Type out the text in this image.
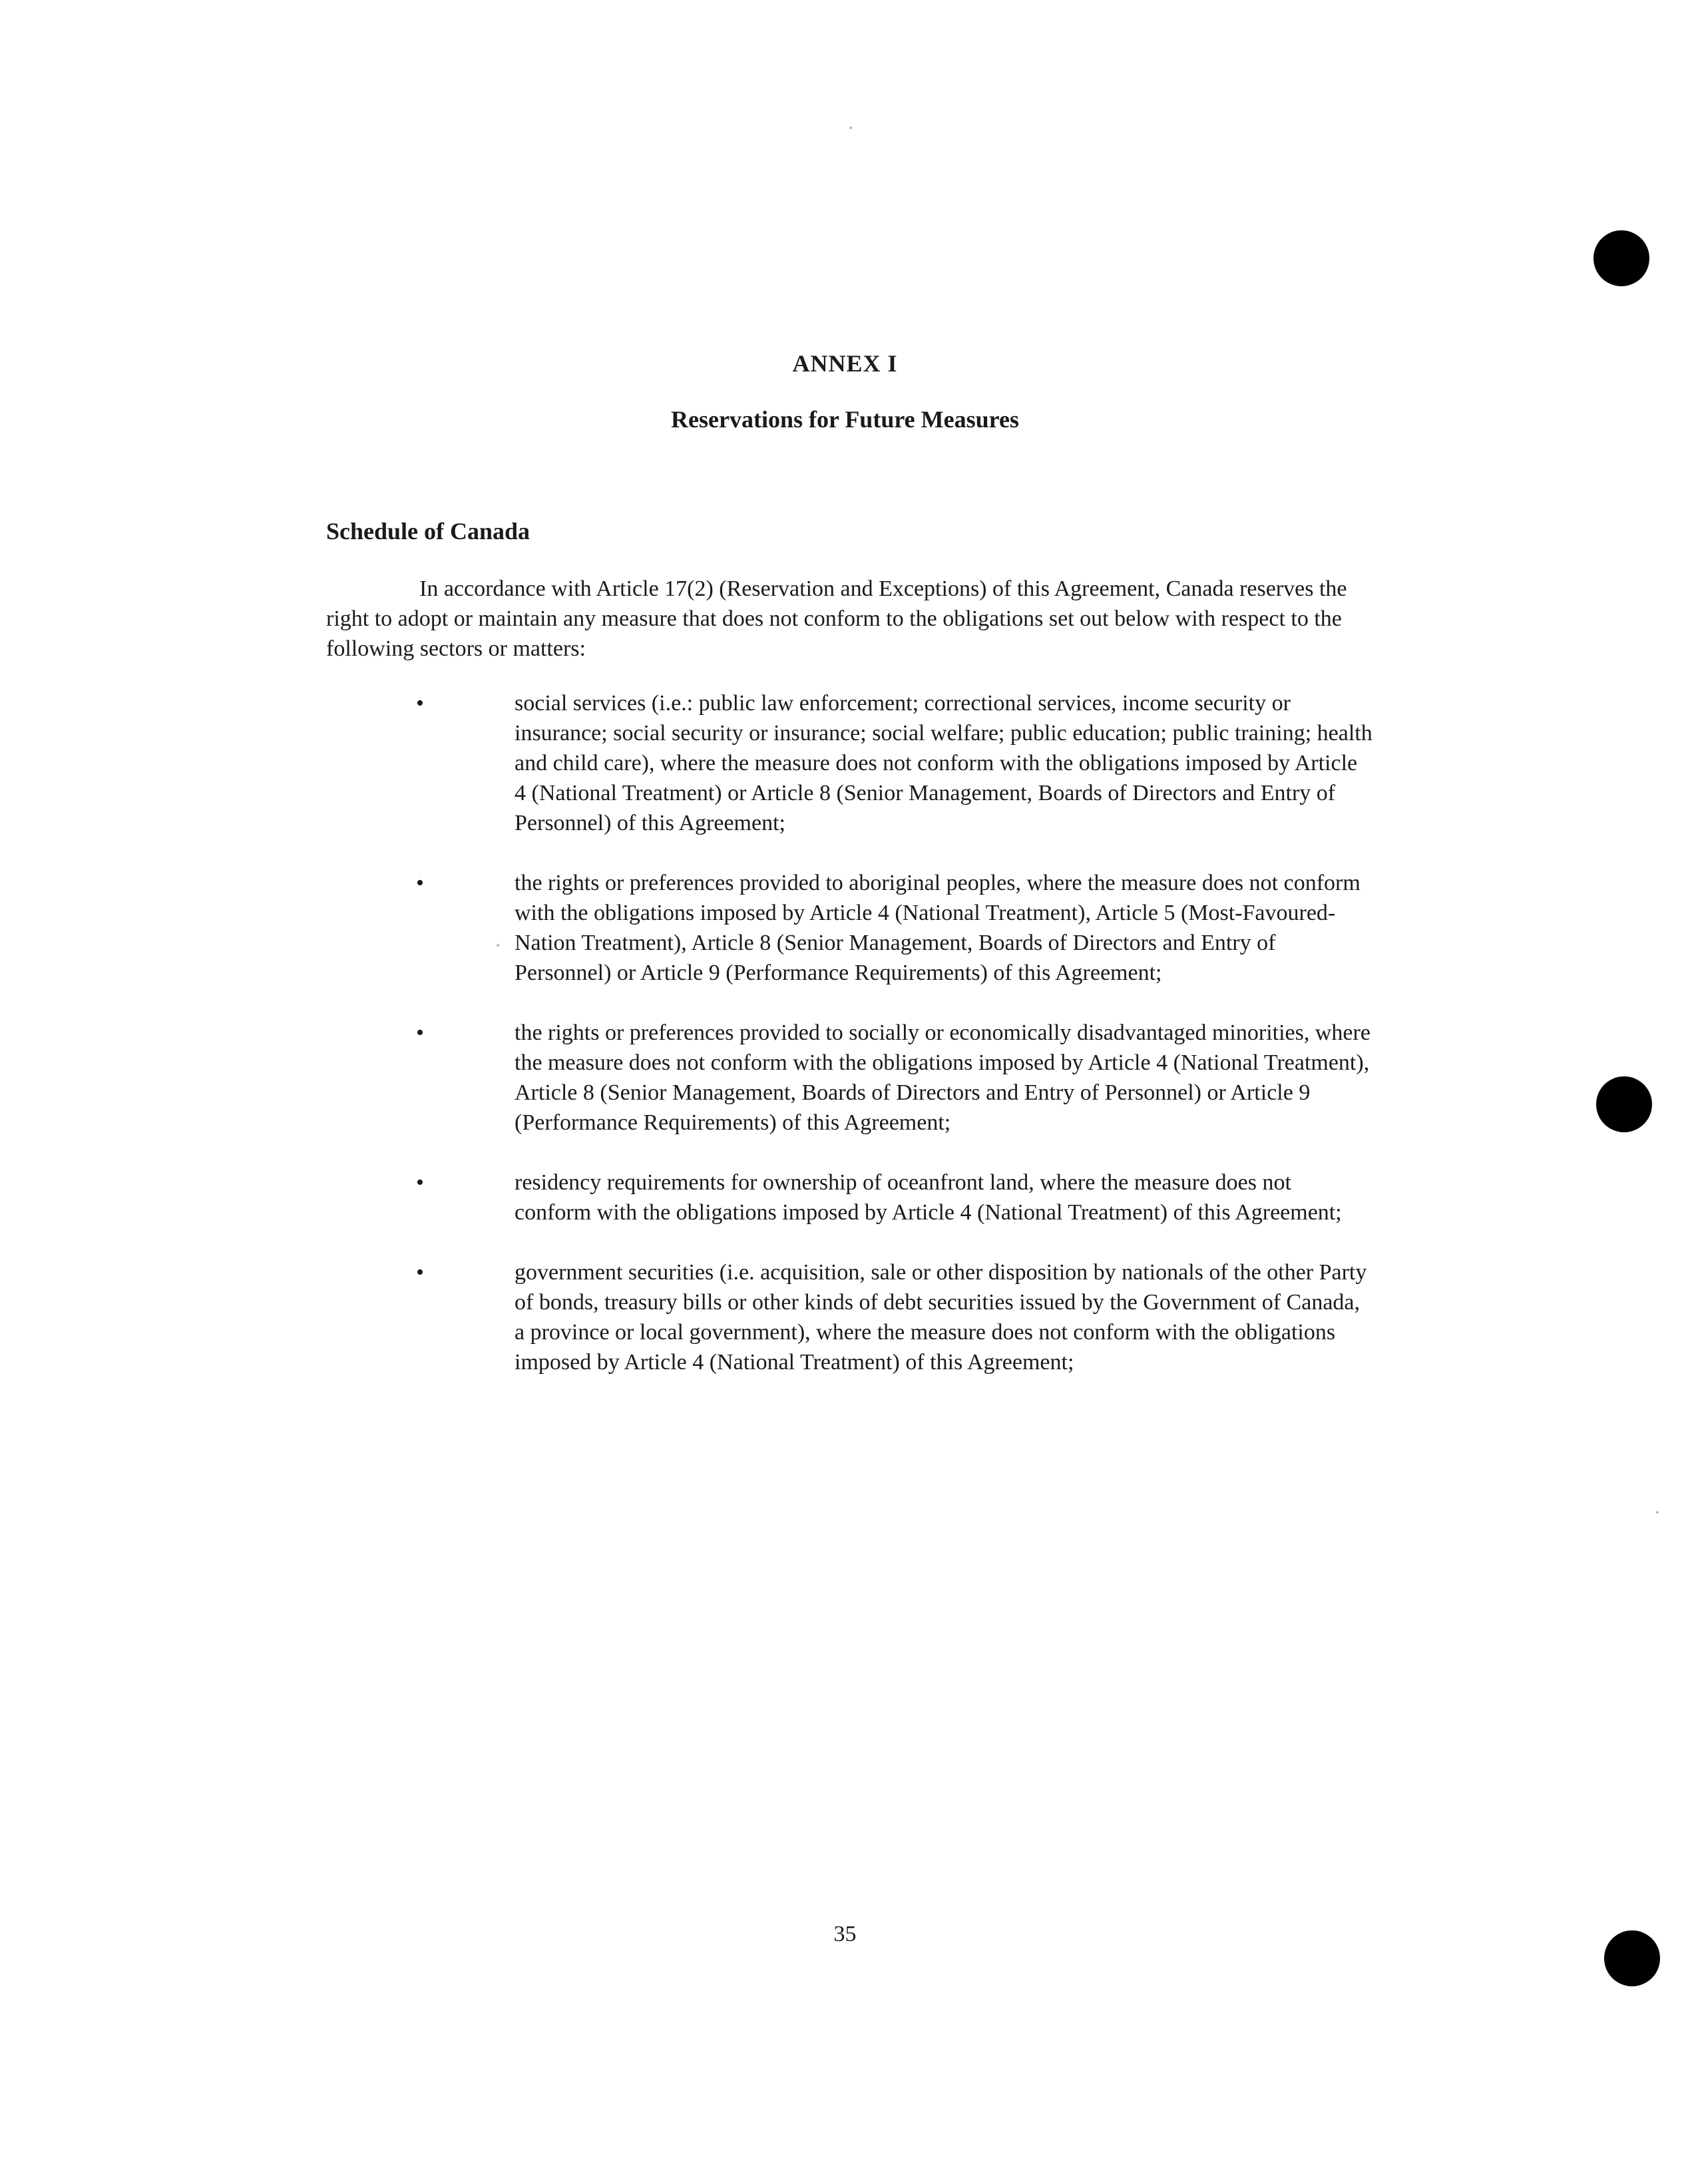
ANNEX I
Reservations for Future Measures
Schedule of Canada

In accordance with Article 17(2) (Reservation and Exceptions) of this Agreement, Canada reserves the right to adopt or maintain any measure that does not conform to the obligations set out below with respect to the following sectors or matters:

•	social services (i.e.: public law enforcement; correctional services, income security or insurance; social security or insurance; social welfare; public education; public training; health and child care), where the measure does not conform with the obligations imposed by Article 4 (National Treatment) or Article 8 (Senior Management, Boards of Directors and Entry of Personnel) of this Agreement;
•	the rights or preferences provided to aboriginal peoples, where the measure does not conform with the obligations imposed by Article 4 (National Treatment), Article 5 (Most-Favoured-Nation Treatment), Article 8 (Senior Management, Boards of Directors and Entry of Personnel) or Article 9 (Performance Requirements) of this Agreement;
•	the rights or preferences provided to socially or economically disadvantaged minorities, where the measure does not conform with the obligations imposed by Article 4 (National Treatment), Article 8 (Senior Management, Boards of Directors and Entry of Personnel) or Article 9 (Performance Requirements) of this Agreement;
•	residency requirements for ownership of oceanfront land, where the measure does not conform with the obligations imposed by Article 4 (National Treatment) of this Agreement;
•	government securities (i.e. acquisition, sale or other disposition by nationals of the other Party of bonds, treasury bills or other kinds of debt securities issued by the Government of Canada, a province or local government), where the measure does not conform with the obligations imposed by Article 4 (National Treatment) of this Agreement;

35
